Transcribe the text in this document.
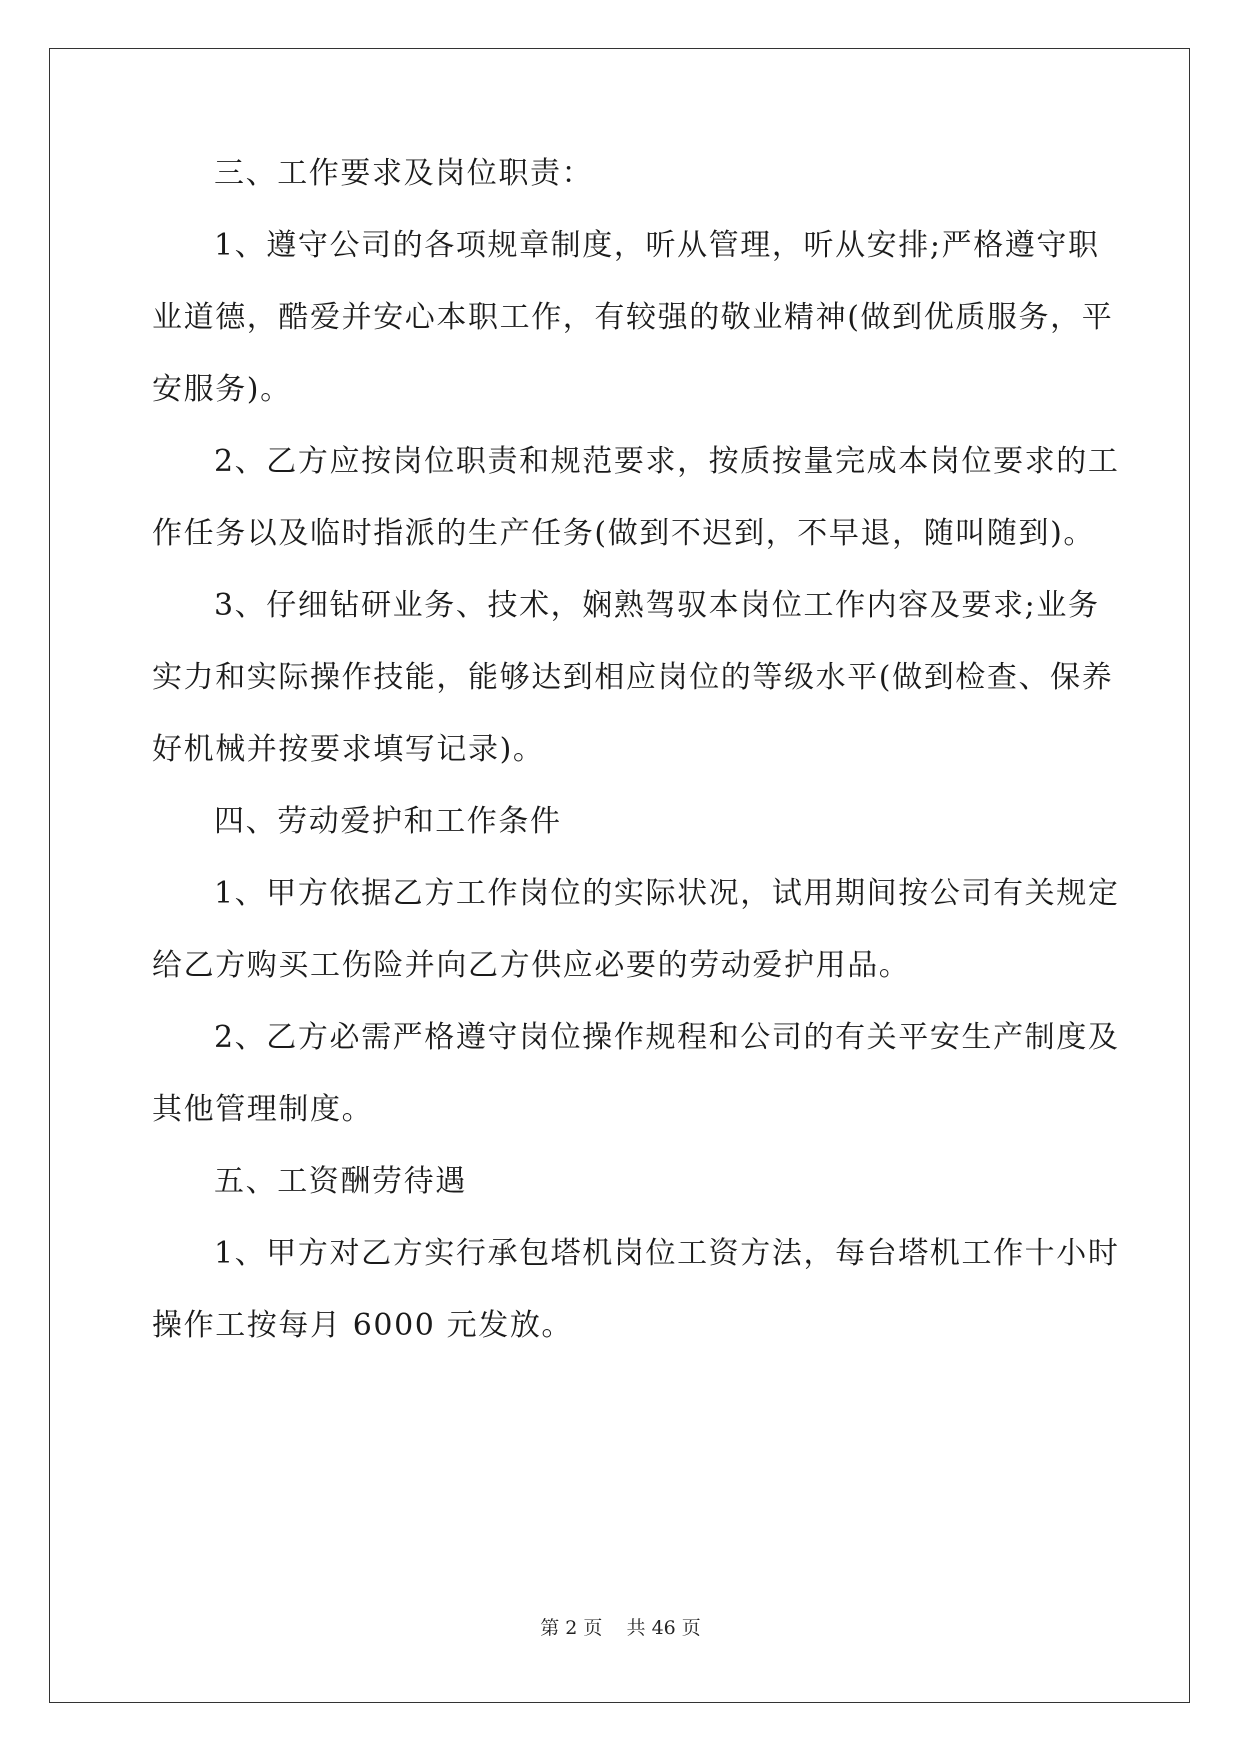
三、工作要求及岗位职责：
1、遵守公司的各项规章制度，听从管理，听从安排;严格遵守职
业道德，酷爱并安心本职工作，有较强的敬业精神(做到优质服务，平
安服务)。
2、乙方应按岗位职责和规范要求，按质按量完成本岗位要求的工
作任务以及临时指派的生产任务(做到不迟到，不早退，随叫随到)。
3、仔细钻研业务、技术，娴熟驾驭本岗位工作内容及要求;业务
实力和实际操作技能，能够达到相应岗位的等级水平(做到检查、保养
好机械并按要求填写记录)。
四、劳动爱护和工作条件
1、甲方依据乙方工作岗位的实际状况，试用期间按公司有关规定
给乙方购买工伤险并向乙方供应必要的劳动爱护用品。
2、乙方必需严格遵守岗位操作规程和公司的有关平安生产制度及
其他管理制度。
五、工资酬劳待遇
1、甲方对乙方实行承包塔机岗位工资方法，每台塔机工作十小时
操作工按每月 6000 元发放。
第 2 页 共 46 页
